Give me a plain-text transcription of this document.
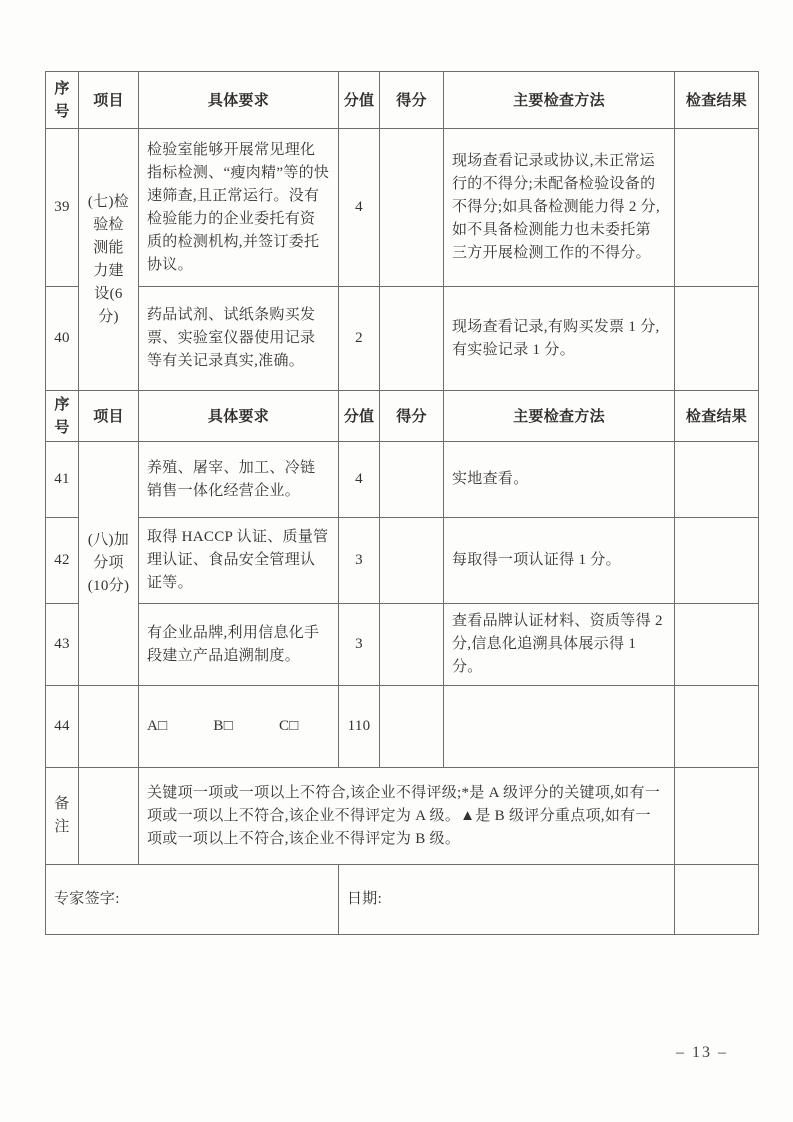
序号	项目	具体要求	分值	得分	主要检查方法	检查结果
39	(七)检验检测能力建设(6分)	检验室能够开展常见理化指标检测、“瘦肉精”等的快速筛查,且正常运行。没有检验能力的企业委托有资质的检测机构,并签订委托协议。	4		现场查看记录或协议,未正常运行的不得分;未配备检验设备的不得分;如具备检测能力得 2 分,如不具备检测能力也未委托第三方开展检测工作的不得分。	
40		药品试剂、试纸条购买发票、实验室仪器使用记录等有关记录真实,准确。	2		现场查看记录,有购买发票 1 分,有实验记录 1 分。	
序号	项目	具体要求	分值	得分	主要检查方法	检查结果
41	(八)加分项(10分)	养殖、屠宰、加工、冷链销售一体化经营企业。	4		实地查看。	
42		取得 HACCP 认证、质量管理认证、食品安全管理认证等。	3		每取得一项认证得 1 分。	
43		有企业品牌,利用信息化手段建立产品追溯制度。	3		查看品牌认证材料、资质等得 2 分,信息化追溯具体展示得 1 分。	
44		A□　　　B□　　　C□	110			
备注		关键项一项或一项以上不符合,该企业不得评级;*是 A 级评分的关键项,如有一项或一项以上不符合,该企业不得评定为 A 级。▲是 B 级评分重点项,如有一项或一项以上不符合,该企业不得评定为 B 级。				
专家签字:			日期:			
– 13 –
